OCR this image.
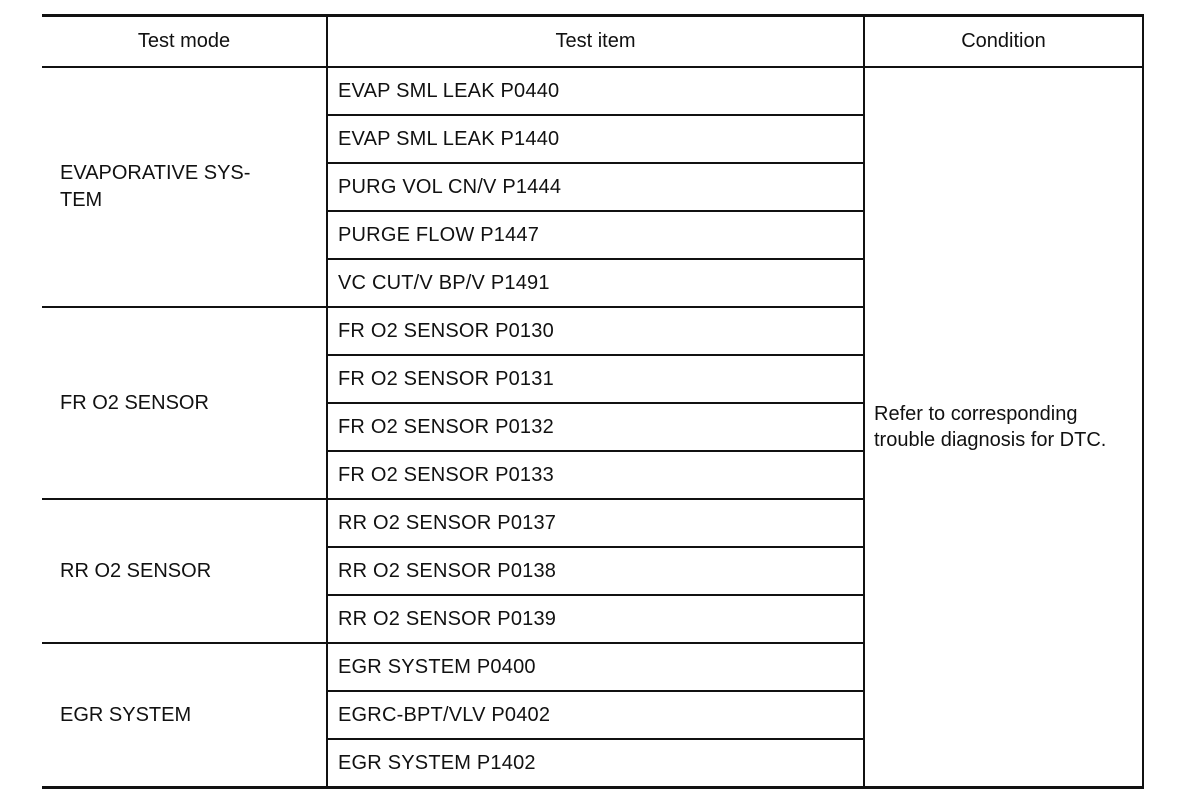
Test mode	Test item	Condition
EVAPORATIVE SYS-
TEM	EVAP SML LEAK P0440	Refer to corresponding trouble diagnosis for DTC.
	EVAP SML LEAK P1440	
	PURG VOL CN/V P1444	
	PURGE FLOW P1447	
	VC CUT/V BP/V P1491	
FR O2 SENSOR	FR O2 SENSOR P0130	
	FR O2 SENSOR P0131	
	FR O2 SENSOR P0132	
	FR O2 SENSOR P0133	
RR O2 SENSOR	RR O2 SENSOR P0137	
	RR O2 SENSOR P0138	
	RR O2 SENSOR P0139	
EGR SYSTEM	EGR SYSTEM P0400	
	EGRC-BPT/VLV P0402	
	EGR SYSTEM P1402	
